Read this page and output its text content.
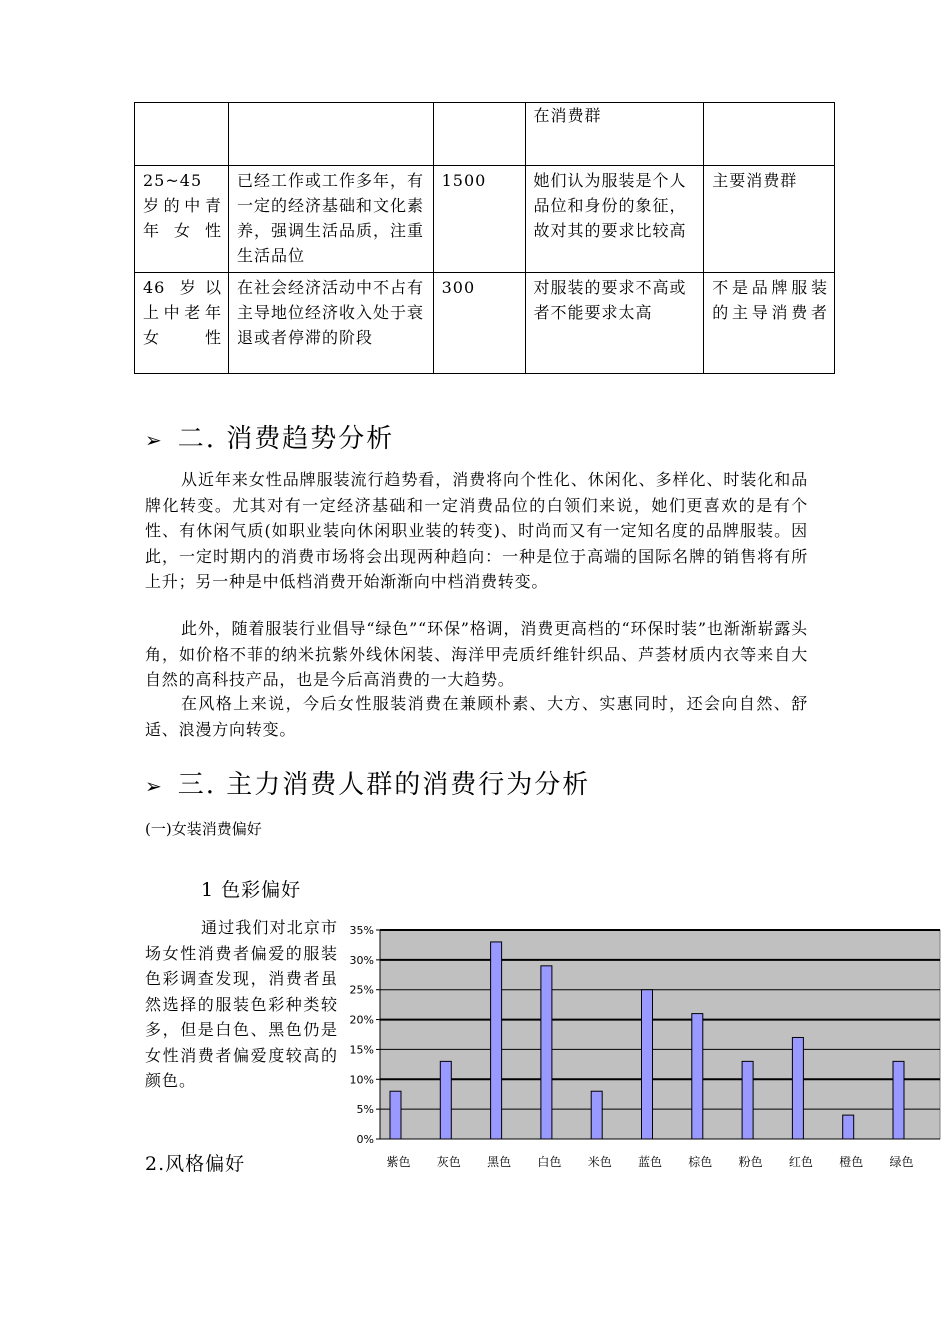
			在消费群	
25~45 岁的中青年女性	已经工作或工作多年，有一定的经济基础和文化素养，强调生活品质，注重生活品位	1500	她们认为服装是个人品位和身份的象征，故对其的要求比较高	主要消费群
46 岁以上中老年女性	在社会经济活动中不占有主导地位经济收入处于衰退或者停滞的阶段	300	对服装的要求不高或者不能要求太高	不是品牌服装的主导消费者
➢ 二. 消费趋势分析

从近年来女性品牌服装流行趋势看，消费将向个性化、休闲化、多样化、时装化和品牌化转变。尤其对有一定经济基础和一定消费品位的白领们来说，她们更喜欢的是有个性、有休闲气质(如职业装向休闲职业装的转变)、时尚而又有一定知名度的品牌服装。因此，一定时期内的消费市场将会出现两种趋向：一种是位于高端的国际名牌的销售将有所上升；另一种是中低档消费开始渐渐向中档消费转变。

此外，随着服装行业倡导“绿色”“环保”格调，消费更高档的“环保时装”也渐渐崭露头角，如价格不菲的纳米抗紫外线休闲装、海洋甲壳质纤维针织品、芦荟材质内衣等来自大自然的高科技产品，也是今后高消费的一大趋势。

在风格上来说，今后女性服装消费在兼顾朴素、大方、实惠同时，还会向自然、舒适、浪漫方向转变。

➢ 三. 主力消费人群的消费行为分析

(一)女装消费偏好

1 色彩偏好

通过我们对北京市场女性消费者偏爱的服装色彩调查发现，消费者虽然选择的服装色彩种类较多，但是白色、黑色仍是女性消费者偏爱度较高的颜色。

2.风格偏好

0%
5%
10%
15%
20%
25%
30%
35%
紫色 灰色 黑色 白色 米色 蓝色 棕色 粉色 红色 橙色 绿色
